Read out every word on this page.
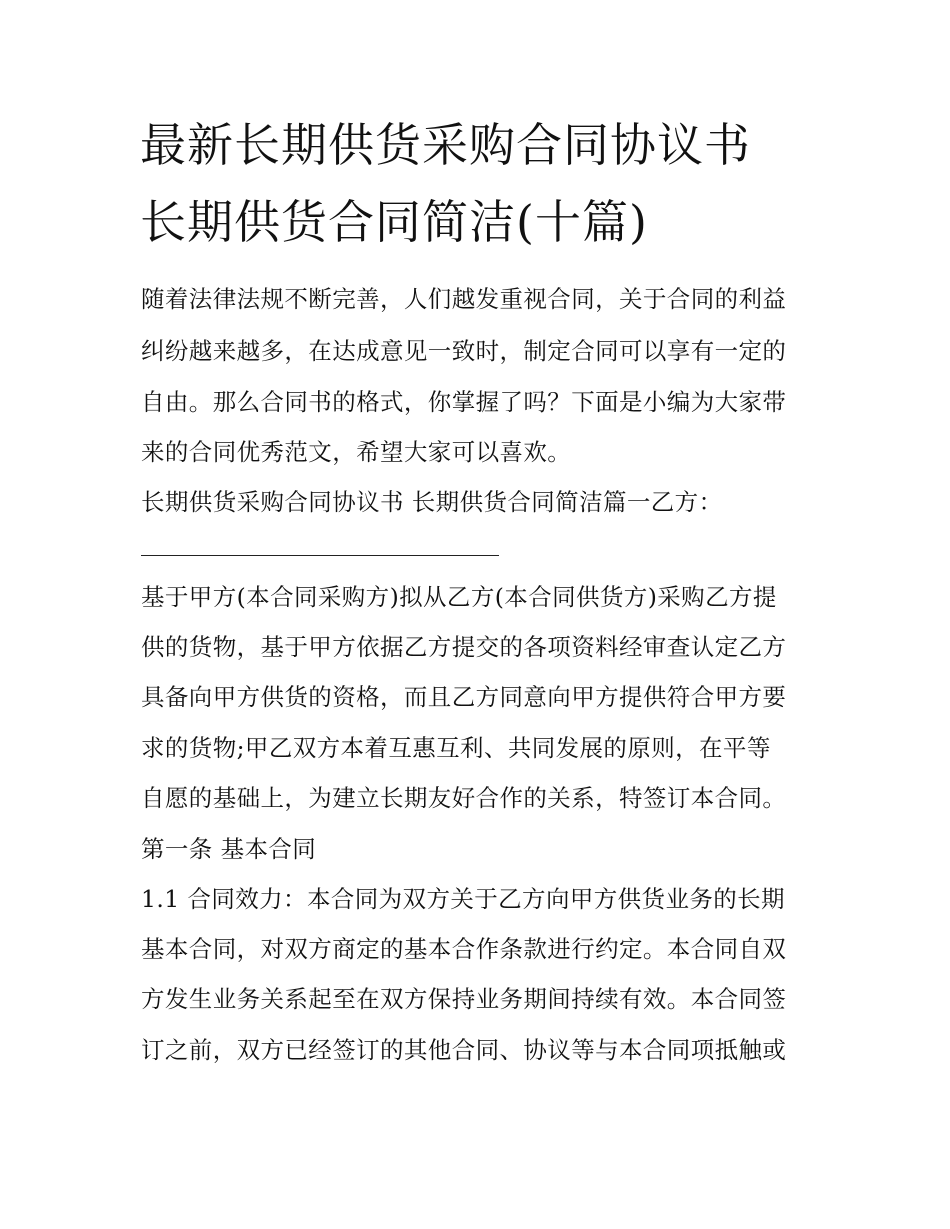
最新长期供货采购合同协议书
长期供货合同简洁(十篇)
随着法律法规不断完善，人们越发重视合同，关于合同的利益
纠纷越来越多，在达成意见一致时，制定合同可以享有一定的
自由。那么合同书的格式，你掌握了吗？下面是小编为大家带
来的合同优秀范文，希望大家可以喜欢。
长期供货采购合同协议书 长期供货合同简洁篇一乙方：
基于甲方(本合同采购方)拟从乙方(本合同供货方)采购乙方提
供的货物，基于甲方依据乙方提交的各项资料经审查认定乙方
具备向甲方供货的资格，而且乙方同意向甲方提供符合甲方要
求的货物;甲乙双方本着互惠互利、共同发展的原则，在平等
自愿的基础上，为建立长期友好合作的关系，特签订本合同。
第一条 基本合同
1.1 合同效力：本合同为双方关于乙方向甲方供货业务的长期
基本合同，对双方商定的基本合作条款进行约定。本合同自双
方发生业务关系起至在双方保持业务期间持续有效。本合同签
订之前，双方已经签订的其他合同、协议等与本合同项抵触或
